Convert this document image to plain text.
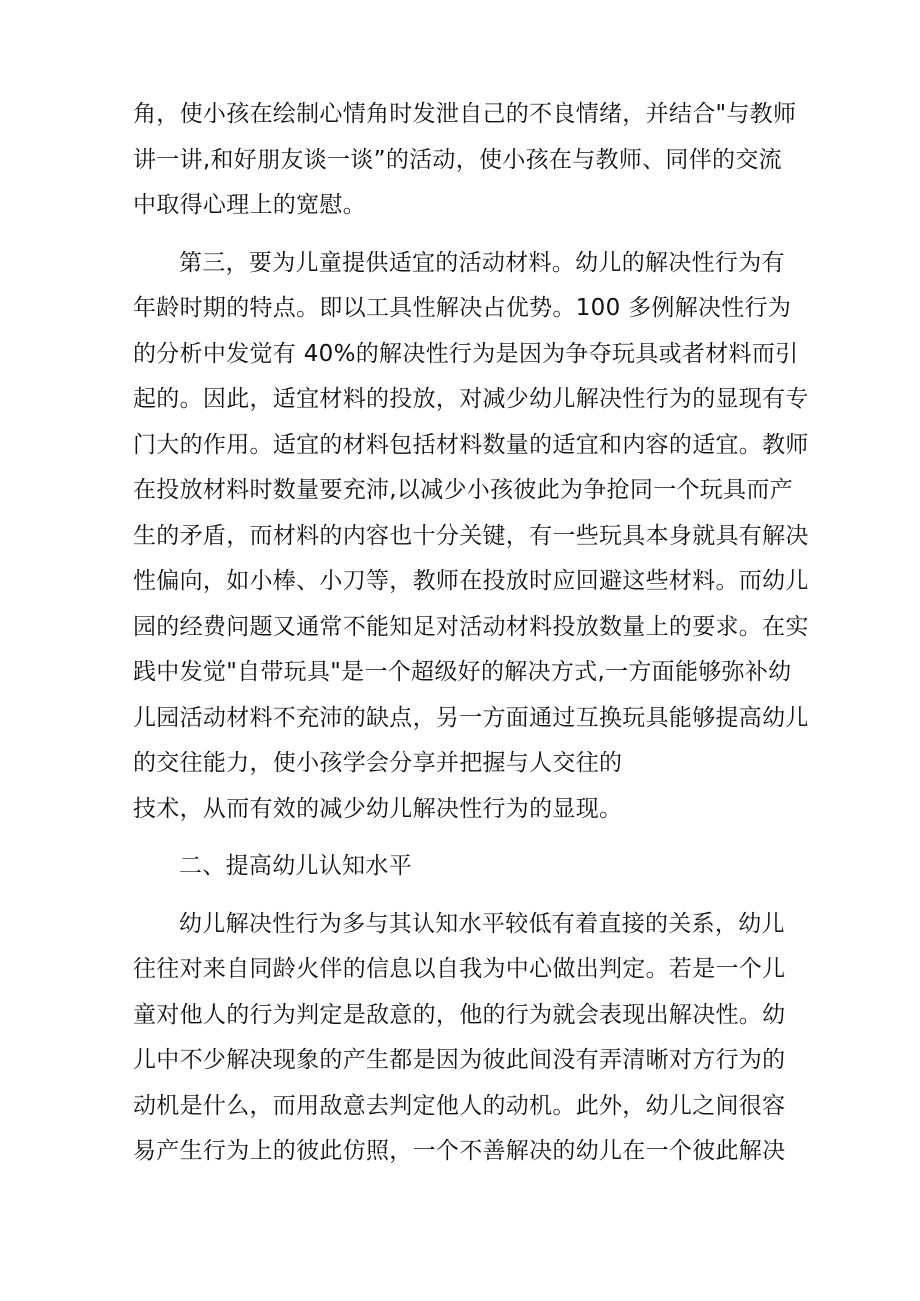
角，使小孩在绘制心情角时发泄自己的不良情绪，并结合"与教师
讲一讲,和好朋友谈一谈”的活动，使小孩在与教师、同伴的交流
中取得心理上的宽慰。
第三，要为儿童提供适宜的活动材料。幼儿的解决性行为有
年龄时期的特点。即以工具性解决占优势。100 多例解决性行为
的分析中发觉有 40%的解决性行为是因为争夺玩具或者材料而引
起的。因此，适宜材料的投放，对减少幼儿解决性行为的显现有专
门大的作用。适宜的材料包括材料数量的适宜和内容的适宜。教师
在投放材料时数量要充沛,以减少小孩彼此为争抢同一个玩具而产
生的矛盾，而材料的内容也十分关键，有一些玩具本身就具有解决
性偏向，如小棒、小刀等，教师在投放时应回避这些材料。而幼儿
园的经费问题又通常不能知足对活动材料投放数量上的要求。在实
践中发觉"自带玩具"是一个超级好的解决方式,一方面能够弥补幼
儿园活动材料不充沛的缺点，另一方面通过互换玩具能够提高幼儿
的交往能力，使小孩学会分享并把握与人交往的
技术，从而有效的减少幼儿解决性行为的显现。
二、提高幼儿认知水平
幼儿解决性行为多与其认知水平较低有着直接的关系，幼儿
往往对来自同龄火伴的信息以自我为中心做出判定。若是一个儿
童对他人的行为判定是敌意的，他的行为就会表现出解决性。幼
儿中不少解决现象的产生都是因为彼此间没有弄清晰对方行为的
动机是什么，而用敌意去判定他人的动机。此外，幼儿之间很容
易产生行为上的彼此仿照，一个不善解决的幼儿在一个彼此解决
